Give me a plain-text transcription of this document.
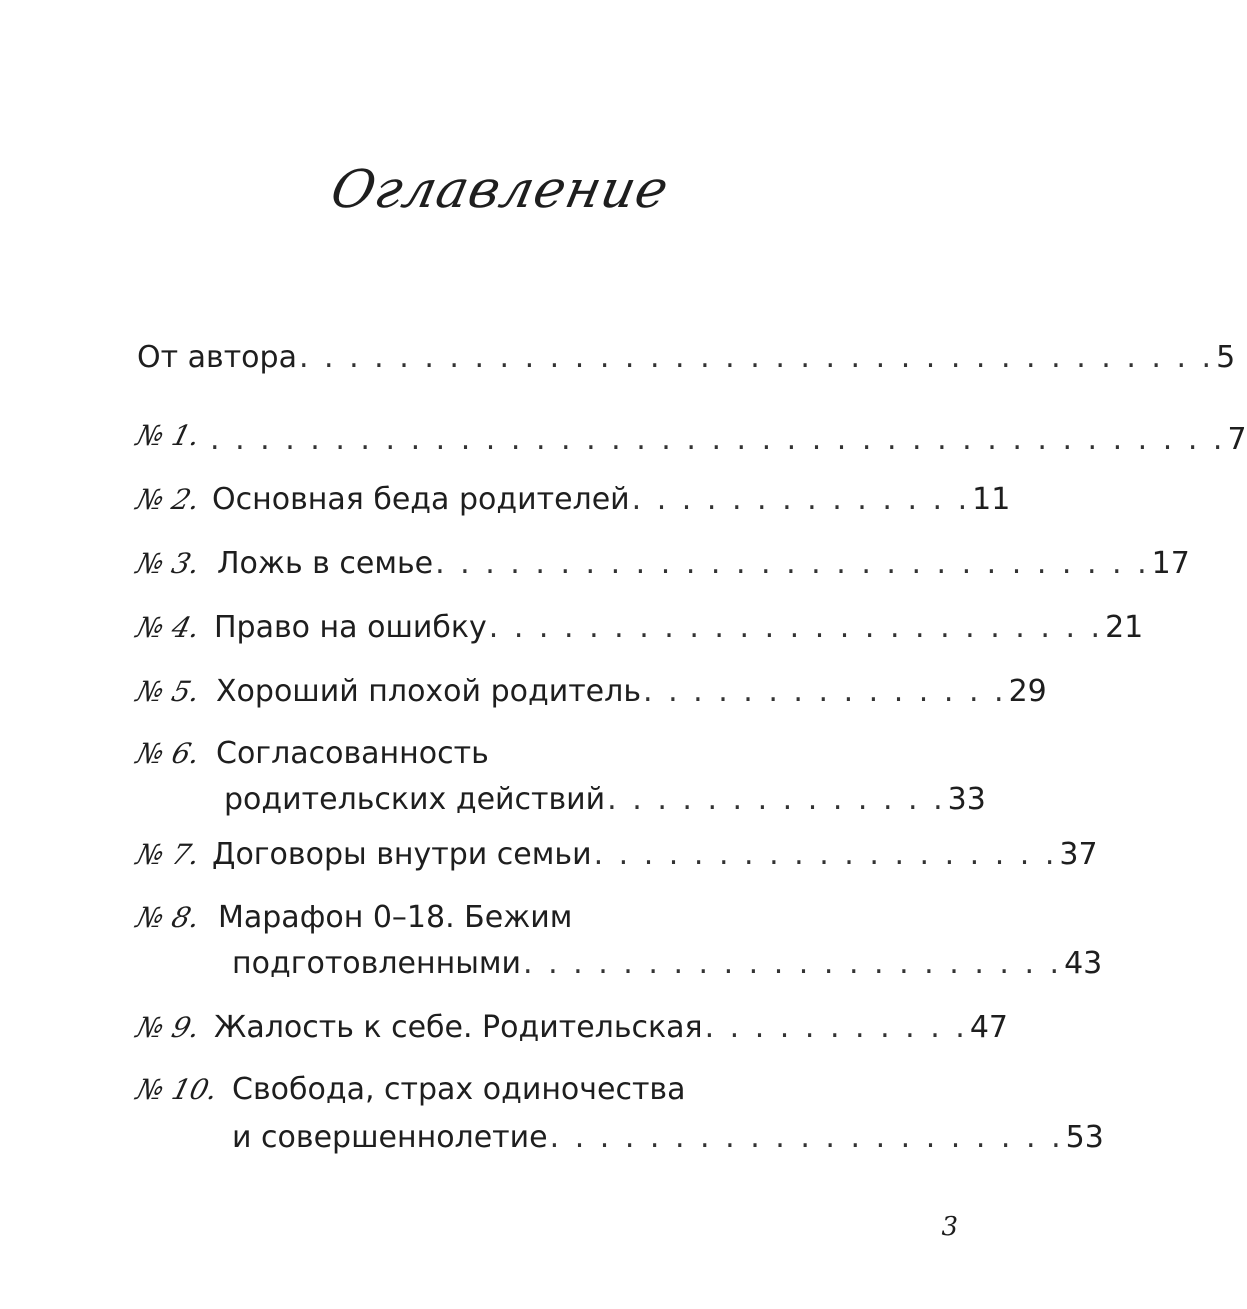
Оглавление
От автора . . . . . . . . . . . . . . . . . . . . . . . . . . . . . . . . . . . . . 5
№ 1. . . . . . . . . . . . . . . . . . . . . . . . . . . . . . . . . . . . . . . . . . 7
№ 2. Основная беда родителей . . . . . . . . . . . . . . 11
№ 3. Ложь в семье . . . . . . . . . . . . . . . . . . . . . . . . . . . . . 17
№ 4. Право на ошибку . . . . . . . . . . . . . . . . . . . . . . . . . 21
№ 5. Хороший плохой родитель . . . . . . . . . . . . . . . 29
№ 6. Согласованность
родительских действий . . . . . . . . . . . . . . 33
№ 7. Договоры внутри семьи . . . . . . . . . . . . . . . . . . . 37
№ 8. Марафон 0–18. Бежим
подготовленными . . . . . . . . . . . . . . . . . . . . . . 43
№ 9. Жалость к себе. Родительская . . . . . . . . . . . 47
№ 10. Свобода, страх одиночества
и совершеннолетие . . . . . . . . . . . . . . . . . . . . . 53
3
